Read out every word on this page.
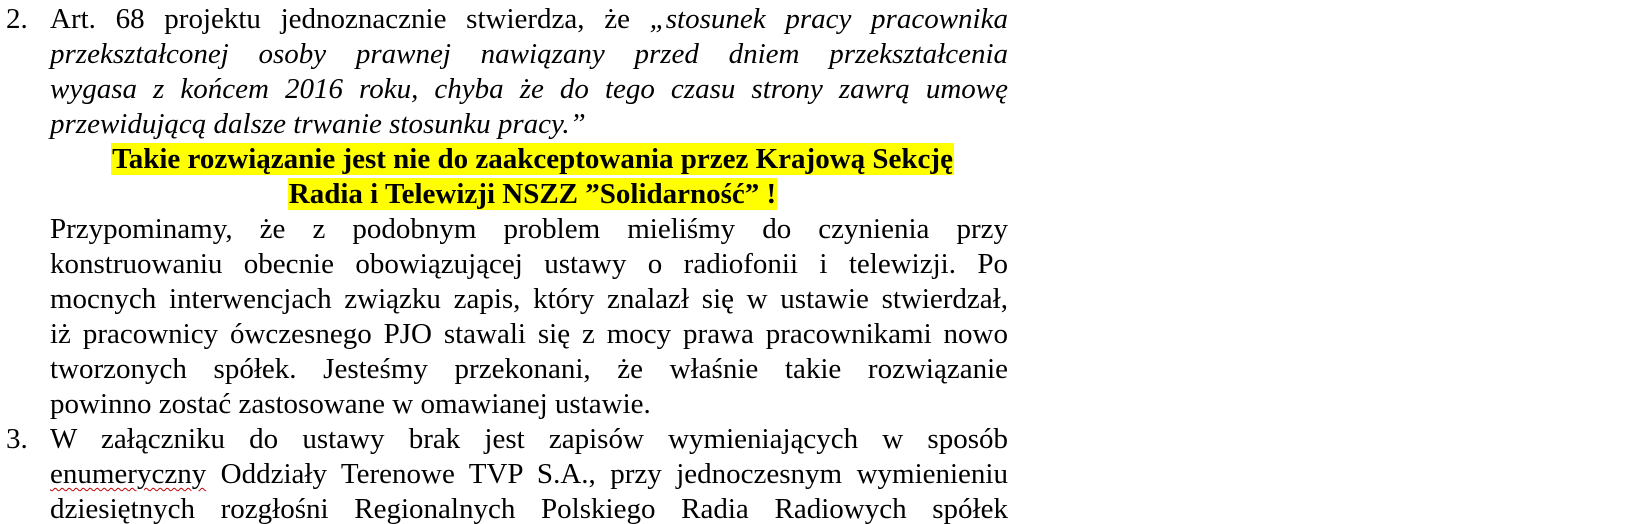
2. Art. 68 projektu jednoznacznie stwierdza, że „stosunek pracy pracownika
przekształconej osoby prawnej nawiązany przed dniem przekształcenia
wygasa z końcem 2016 roku, chyba że do tego czasu strony zawrą umowę
przewidującą dalsze trwanie stosunku pracy.”
Takie rozwiązanie jest nie do zaakceptowania przez Krajową Sekcję
Radia i Telewizji NSZZ ”Solidarność” !
Przypominamy, że z podobnym problem mieliśmy do czynienia przy
konstruowaniu obecnie obowiązującej ustawy o radiofonii i telewizji. Po
mocnych interwencjach związku zapis, który znalazł się w ustawie stwierdzał,
iż pracownicy ówczesnego PJO stawali się z mocy prawa pracownikami nowo
tworzonych spółek. Jesteśmy przekonani, że właśnie takie rozwiązanie
powinno zostać zastosowane w omawianej ustawie.
3. W załączniku do ustawy brak jest zapisów wymieniających w sposób
enumeryczny Oddziały Terenowe TVP S.A., przy jednoczesnym wymienieniu
dziesiętnych rozgłośni Regionalnych Polskiego Radia Radiowych spółek
